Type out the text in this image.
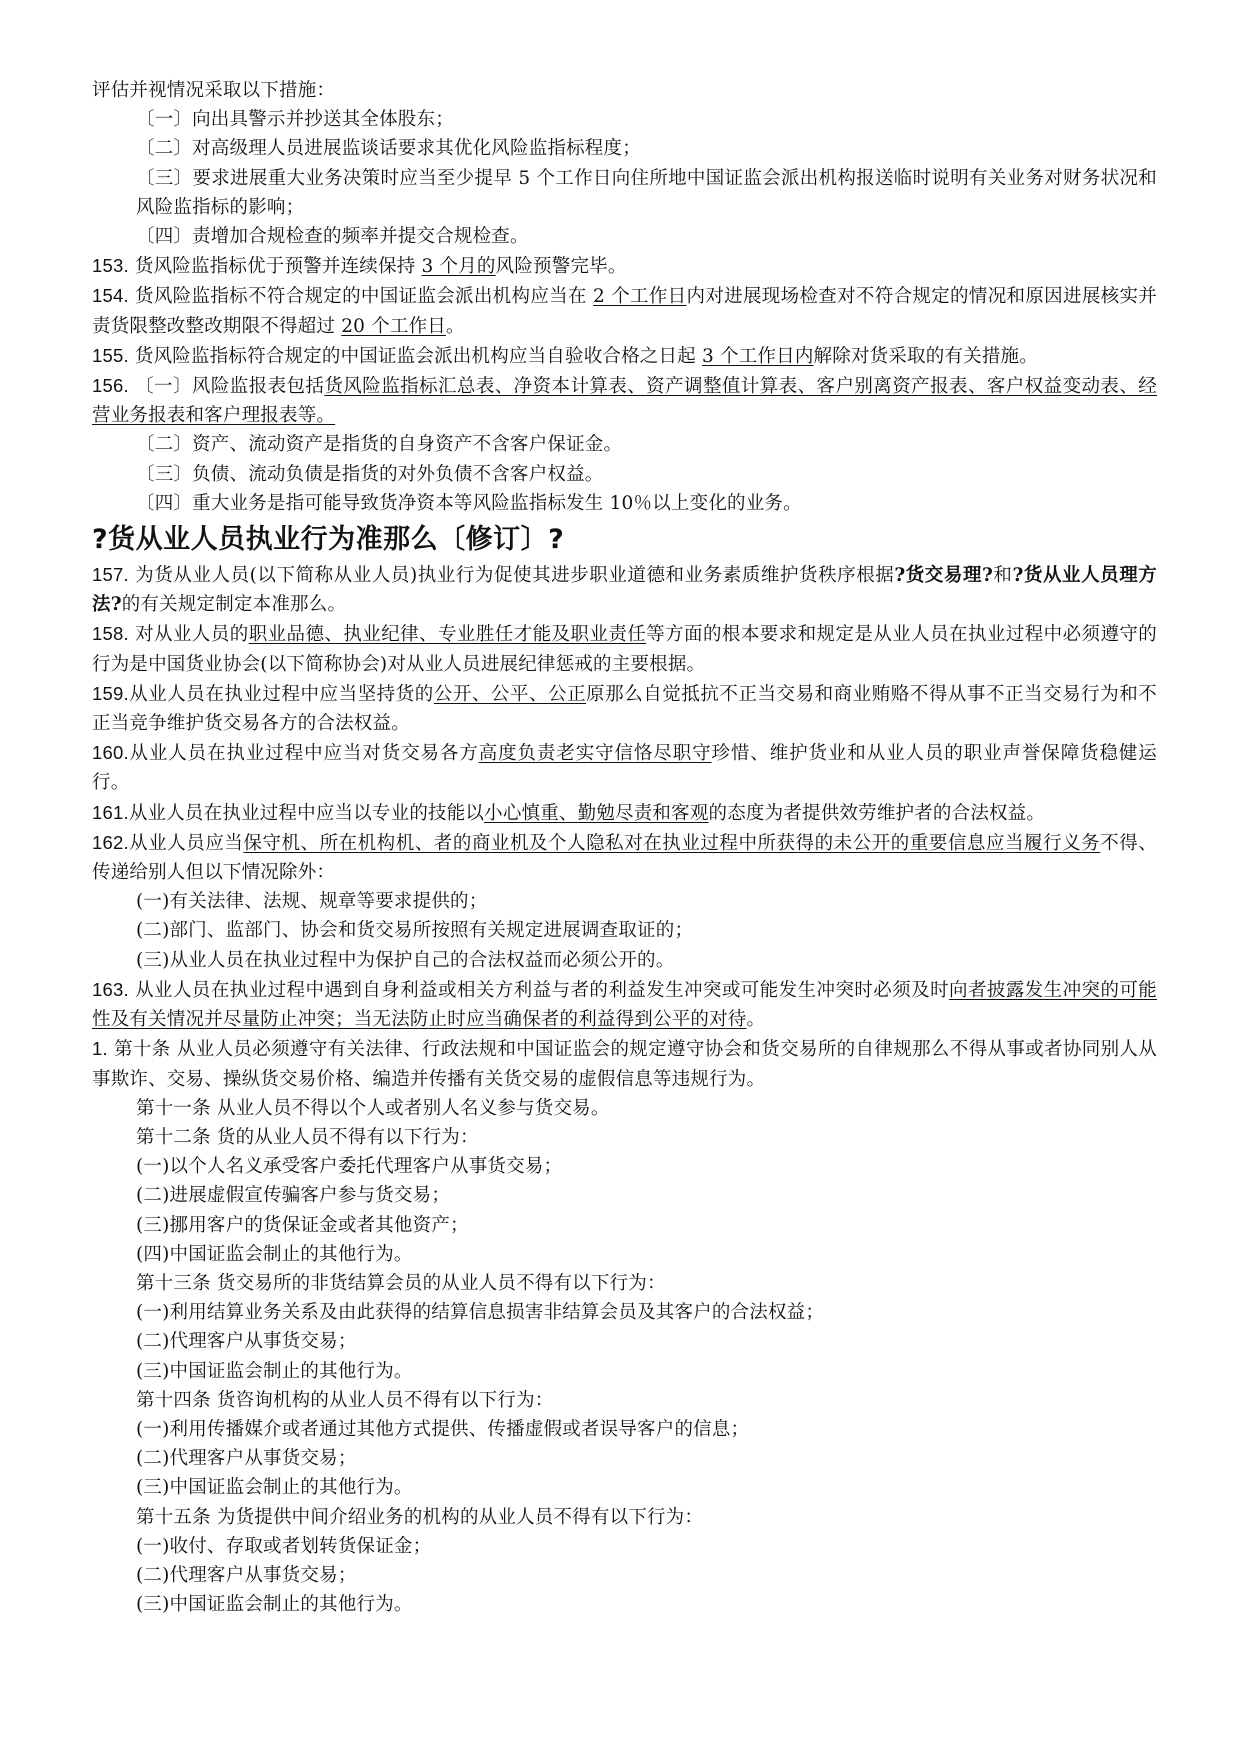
评估并视情况采取以下措施：

〔一〕向出具警示并抄送其全体股东；

〔二〕对高级理人员进展监谈话要求其优化风险监指标程度；

〔三〕要求进展重大业务决策时应当至少提早 5 个工作日向住所地中国证监会派出机构报送临时说明有关业务对财务状况和风险监指标的影响；

〔四〕责增加合规检查的频率并提交合规检查。

153. 货风险监指标优于预警并连续保持 3 个月的风险预警完毕。

154. 货风险监指标不符合规定的中国证监会派出机构应当在 2 个工作日内对进展现场检查对不符合规定的情况和原因进展核实并责货限整改整改期限不得超过 20 个工作日。

155. 货风险监指标符合规定的中国证监会派出机构应当自验收合格之日起 3 个工作日内解除对货采取的有关措施。

156. 〔一〕风险监报表包括货风险监指标汇总表、净资本计算表、资产调整值计算表、客户别离资产报表、客户权益变动表、经营业务报表和客户理报表等。

〔二〕资产、流动资产是指货的自身资产不含客户保证金。

〔三〕负债、流动负债是指货的对外负债不含客户权益。

〔四〕重大业务是指可能导致货净资本等风险监指标发生 10％以上变化的业务。

?货从业人员执业行为准那么〔修订〕?

157. 为货从业人员(以下简称从业人员)执业行为促使其进步职业道德和业务素质维护货秩序根据?货交易理?和?货从业人员理方法?的有关规定制定本准那么。

158. 对从业人员的职业品德、执业纪律、专业胜任才能及职业责任等方面的根本要求和规定是从业人员在执业过程中必须遵守的行为是中国货业协会(以下简称协会)对从业人员进展纪律惩戒的主要根据。

159.从业人员在执业过程中应当坚持货的公开、公平、公正原那么自觉抵抗不正当交易和商业贿赂不得从事不正当交易行为和不正当竞争维护货交易各方的合法权益。

160.从业人员在执业过程中应当对货交易各方高度负责老实守信恪尽职守珍惜、维护货业和从业人员的职业声誉保障货稳健运行。

161.从业人员在执业过程中应当以专业的技能以小心慎重、勤勉尽责和客观的态度为者提供效劳维护者的合法权益。

162.从业人员应当保守机、所在机构机、者的商业机及个人隐私对在执业过程中所获得的未公开的重要信息应当履行义务不得、传递给别人但以下情况除外：

(一)有关法律、法规、规章等要求提供的；

(二)部门、监部门、协会和货交易所按照有关规定进展调查取证的；

(三)从业人员在执业过程中为保护自己的合法权益而必须公开的。

163. 从业人员在执业过程中遇到自身利益或相关方利益与者的利益发生冲突或可能发生冲突时必须及时向者披露发生冲突的可能性及有关情况并尽量防止冲突；当无法防止时应当确保者的利益得到公平的对待。

1. 第十条 从业人员必须遵守有关法律、行政法规和中国证监会的规定遵守协会和货交易所的自律规那么不得从事或者协同别人从事欺诈、交易、操纵货交易价格、编造并传播有关货交易的虚假信息等违规行为。

第十一条 从业人员不得以个人或者别人名义参与货交易。

第十二条 货的从业人员不得有以下行为：

(一)以个人名义承受客户委托代理客户从事货交易；

(二)进展虚假宣传骗客户参与货交易；

(三)挪用客户的货保证金或者其他资产；

(四)中国证监会制止的其他行为。

第十三条 货交易所的非货结算会员的从业人员不得有以下行为：

(一)利用结算业务关系及由此获得的结算信息损害非结算会员及其客户的合法权益；

(二)代理客户从事货交易；

(三)中国证监会制止的其他行为。

第十四条 货咨询机构的从业人员不得有以下行为：

(一)利用传播媒介或者通过其他方式提供、传播虚假或者误导客户的信息；

(二)代理客户从事货交易；

(三)中国证监会制止的其他行为。

第十五条 为货提供中间介绍业务的机构的从业人员不得有以下行为：

(一)收付、存取或者划转货保证金；

(二)代理客户从事货交易；

(三)中国证监会制止的其他行为。
